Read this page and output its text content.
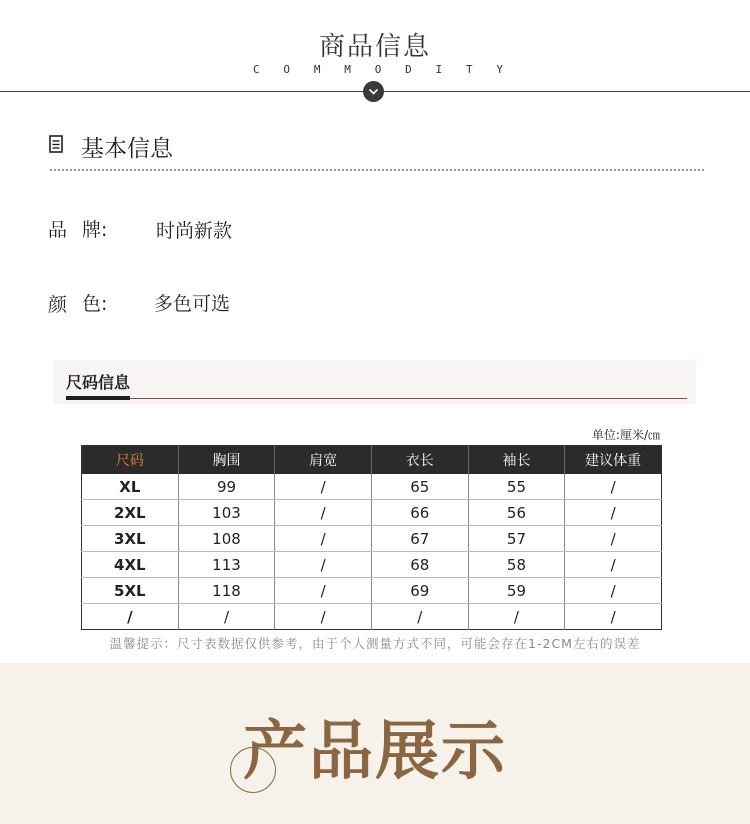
商品信息
C O M M O D I T Y
基本信息
品 牌:	时尚新款
颜 色: 多色可选
尺码信息
单位:厘米/㎝
尺码	胸围	肩宽	衣长	袖长	建议体重
XL	99	/	65	55	/
2XL	103	/	66	56	/
3XL	108	/	67	57	/
4XL	113	/	68	58	/
5XL	118	/	69	59	/
/	/	/	/	/	/
温馨提示：尺寸表数据仅供参考，由于个人测量方式不同，可能会存在1-2CM左右的误差
产品展示
